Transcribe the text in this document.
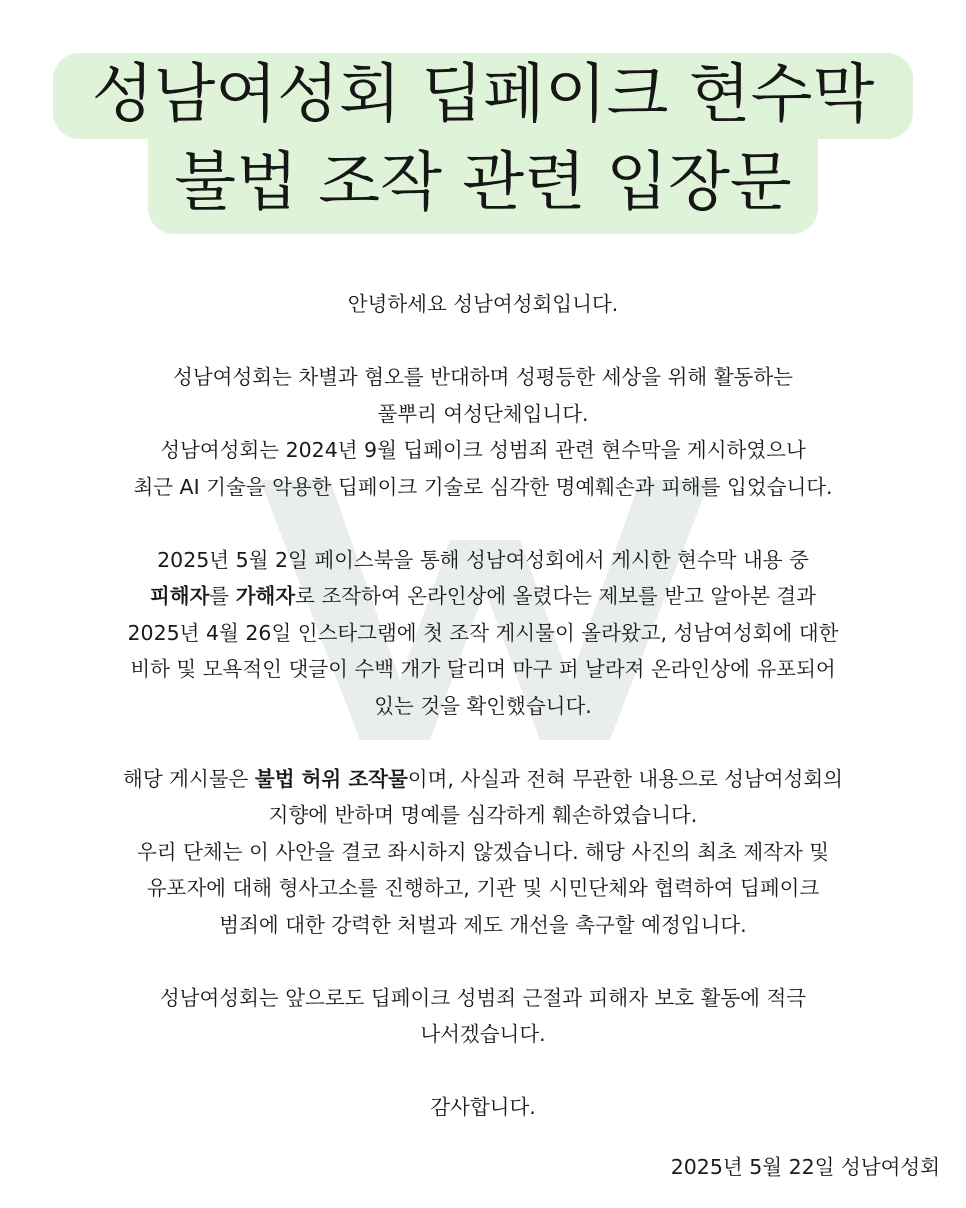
성남여성회 딥페이크 현수막
불법 조작 관련 입장문

안녕하세요 성남여성회입니다.

성남여성회는 차별과 혐오를 반대하며 성평등한 세상을 위해 활동하는
풀뿌리 여성단체입니다.
성남여성회는 2024년 9월 딥페이크 성범죄 관련 현수막을 게시하였으나
최근 AI 기술을 악용한 딥페이크 기술로 심각한 명예훼손과 피해를 입었습니다.

2025년 5월 2일 페이스북을 통해 성남여성회에서 게시한 현수막 내용 중
피해자를 가해자로 조작하여 온라인상에 올렸다는 제보를 받고 알아본 결과
2025년 4월 26일 인스타그램에 첫 조작 게시물이 올라왔고, 성남여성회에 대한
비하 및 모욕적인 댓글이 수백 개가 달리며 마구 퍼 날라져 온라인상에 유포되어
있는 것을 확인했습니다.

해당 게시물은 불법 허위 조작물이며, 사실과 전혀 무관한 내용으로 성남여성회의
지향에 반하며 명예를 심각하게 훼손하였습니다.
우리 단체는 이 사안을 결코 좌시하지 않겠습니다. 해당 사진의 최초 제작자 및
유포자에 대해 형사고소를 진행하고, 기관 및 시민단체와 협력하여 딥페이크
범죄에 대한 강력한 처벌과 제도 개선을 촉구할 예정입니다.

성남여성회는 앞으로도 딥페이크 성범죄 근절과 피해자 보호 활동에 적극
나서겠습니다.

감사합니다.

2025년 5월 22일 성남여성회
